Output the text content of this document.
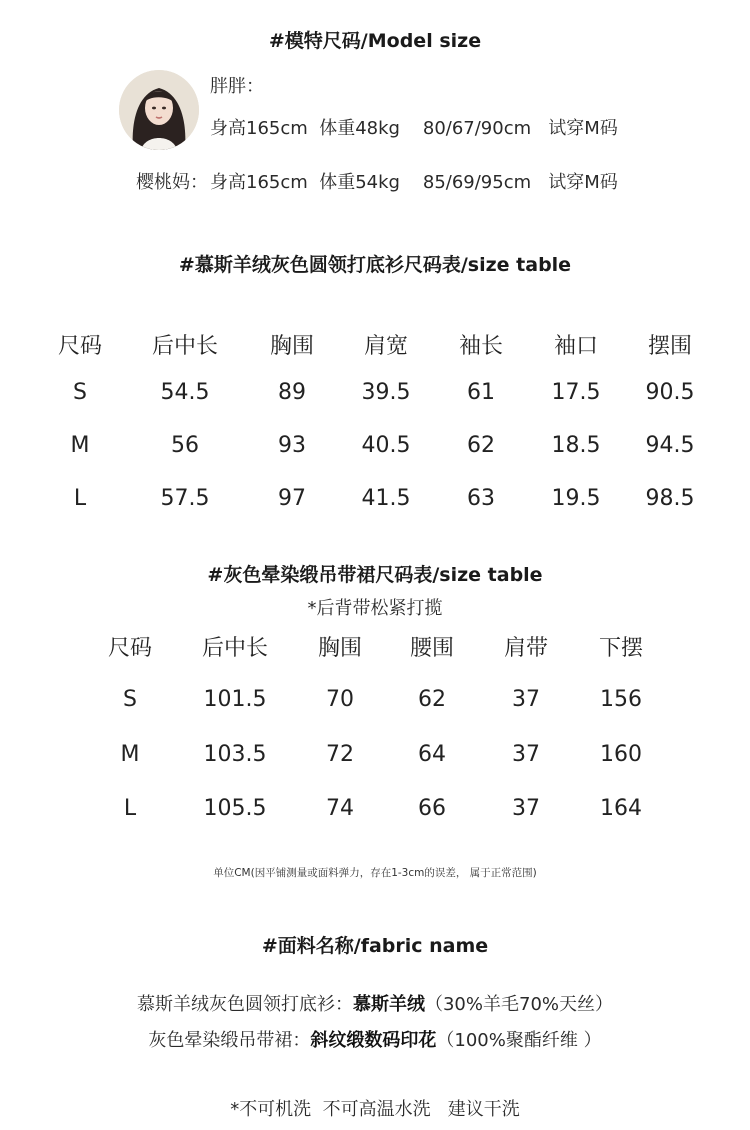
#模特尺码/Model size
胖胖：
身高165cm  体重48kg    80/67/90cm   试穿M码
樱桃妈： 身高165cm  体重54kg    85/69/95cm   试穿M码
#慕斯羊绒灰色圆领打底衫尺码表/size table
尺码 后中长 胸围 肩宽 袖长 袖口 摆围
S	54.5	89	39.5	61	17.5 90.5
M	56	93	40.5	62	18.5 94.5
L	57.5	97	41.5	63	19.5 98.5
#灰色晕染缎吊带裙尺码表/size table
*后背带松紧打揽
尺码 后中长 胸围 腰围 肩带 下摆
S	101.5	70	62	37	156
M	103.5	72	64	37	160
L	105.5	74	66	37	164
单位CM(因平铺测量或面料弹力，存在1-3cm的误差， 属于正常范围)
#面料名称/fabric name
慕斯羊绒灰色圆领打底衫：慕斯羊绒（30%羊毛70%天丝）
灰色晕染缎吊带裙：斜纹缎数码印花（100%聚酯纤维 ）
*不可机洗  不可高温水洗   建议干洗
